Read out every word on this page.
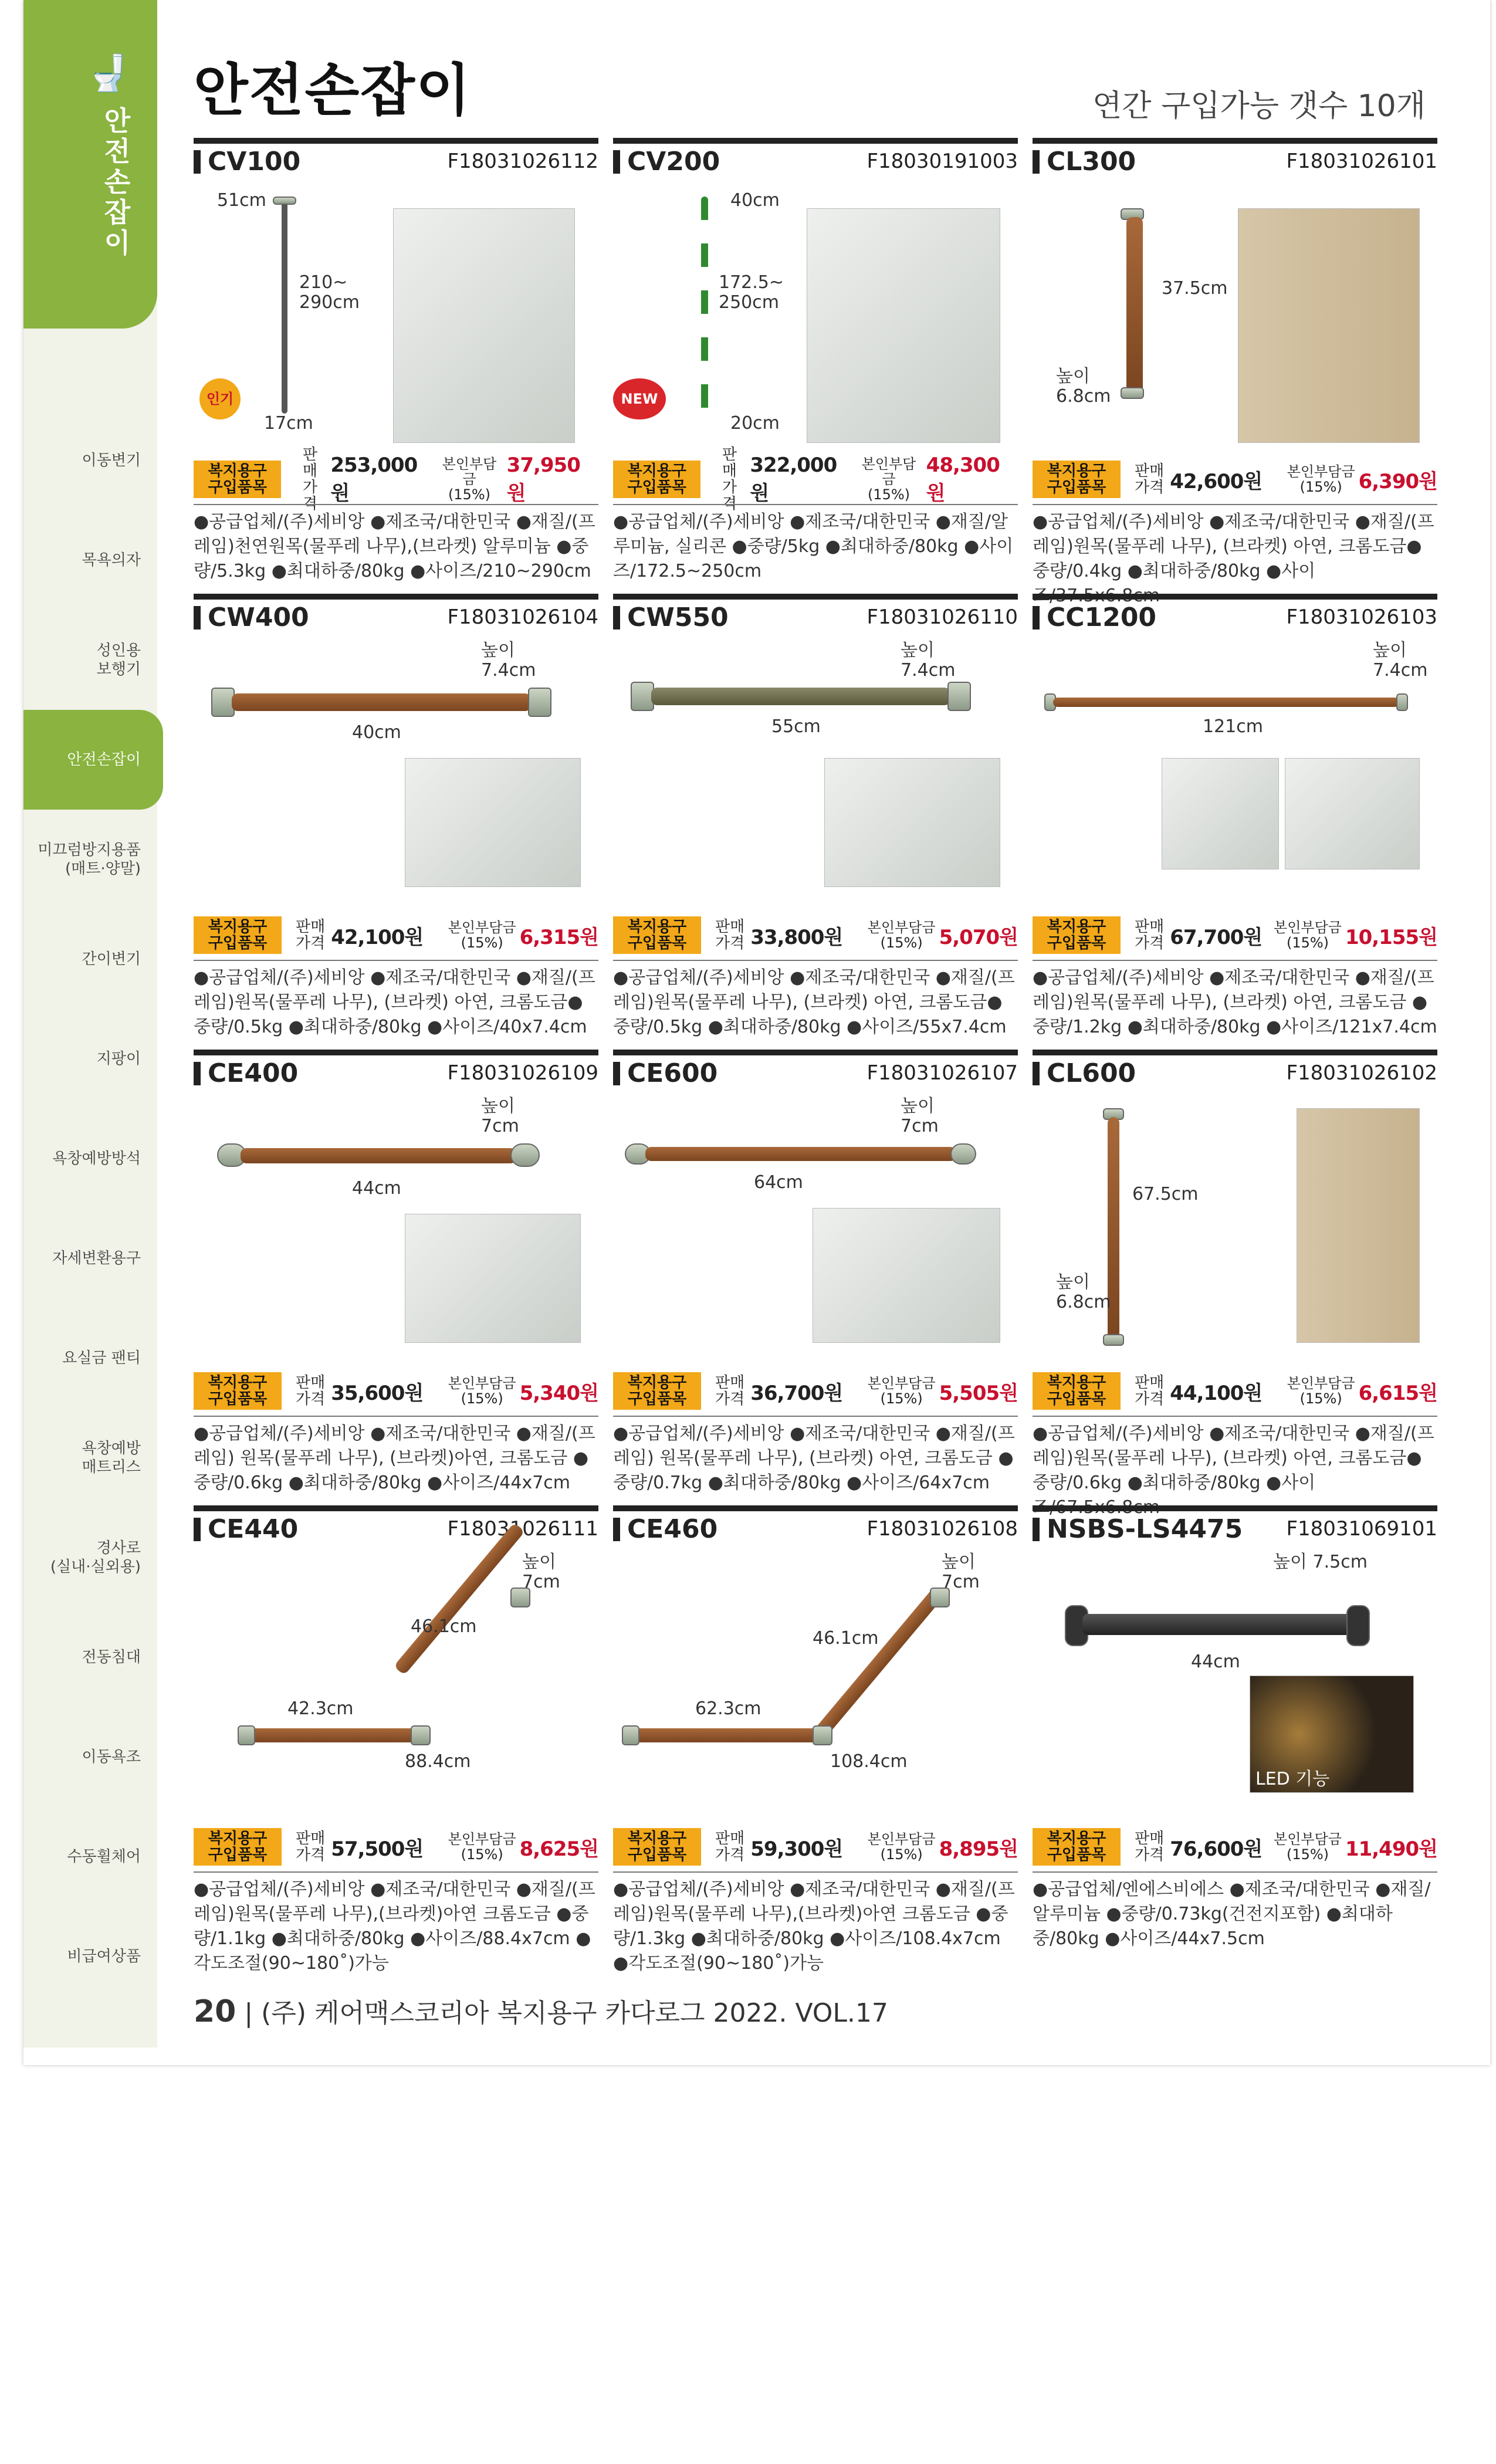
🚽
안전손잡이
이동변기
목욕의자
성인용
보행기
안전손잡이
미끄럼방지용품
(매트·양말)
간이변기
지팡이
욕창예방방석
자세변환용구
요실금 팬티
욕창예방
매트리스
경사로
(실내·실외용)
전동침대
이동욕조
수동휠체어
비급여상품
안전손잡이	연간 구입가능 갯수 10개
CV100	F18031026112
51cm
210~
290cm
17cm
인기
복지용구
구입품목
판매
가격
253,000원
본인부담금
(15%)
37,950원
●공급업체/(주)세비앙 ●제조국/대한민국 ●재질/(프레임)천연원목(물푸레 나무),(브라켓) 알루미늄 ●중량/5.3kg ●최대하중/80kg ●사이즈/210~290cm
CV200	F18030191003
40cm
172.5~
250cm
20cm
NEW
복지용구
구입품목
판매
가격
322,000원
본인부담금
(15%)
48,300원
●공급업체/(주)세비앙 ●제조국/대한민국 ●재질/알루미늄, 실리콘 ●중량/5kg ●최대하중/80kg ●사이즈/172.5~250cm
CL300	F18031026101
37.5cm
높이
6.8cm
복지용구
구입품목
판매
가격 42,600원 본인부담금
(15%) 6,390원
●공급업체/(주)세비앙 ●제조국/대한민국 ●재질/(프레임)원목(물푸레 나무), (브라켓) 아연, 크롬도금●중량/0.4kg ●최대하중/80kg ●사이즈/37.5x6.8cm
CW400	F18031026104
높이
7.4cm
40cm
복지용구
구입품목
판매
가격 42,100원 본인부담금
(15%) 6,315원
●공급업체/(주)세비앙 ●제조국/대한민국 ●재질/(프레임)원목(물푸레 나무), (브라켓) 아연, 크롬도금●중량/0.5kg ●최대하중/80kg ●사이즈/40x7.4cm
CW550	F18031026110
높이
7.4cm
55cm
복지용구
구입품목
판매
가격 33,800원 본인부담금
(15%) 5,070원
●공급업체/(주)세비앙 ●제조국/대한민국 ●재질/(프레임)원목(물푸레 나무), (브라켓) 아연, 크롬도금●중량/0.5kg ●최대하중/80kg ●사이즈/55x7.4cm
CC1200	F18031026103
높이
7.4cm
121cm
복지용구
구입품목
판매
가격 67,700원 본인부담금
(15%) 10,155원
●공급업체/(주)세비앙 ●제조국/대한민국 ●재질/(프레임)원목(물푸레 나무), (브라켓) 아연, 크롬도금 ●중량/1.2kg ●최대하중/80kg ●사이즈/121x7.4cm
CE400	F18031026109
높이
7cm
44cm
복지용구
구입품목
판매
가격 35,600원 본인부담금
(15%) 5,340원
●공급업체/(주)세비앙 ●제조국/대한민국 ●재질/(프레임) 원목(물푸레 나무), (브라켓)아연, 크롬도금 ●중량/0.6kg ●최대하중/80kg ●사이즈/44x7cm
CE600	F18031026107
높이
7cm
64cm
복지용구
구입품목
판매
가격 36,700원 본인부담금
(15%) 5,505원
●공급업체/(주)세비앙 ●제조국/대한민국 ●재질/(프레임) 원목(물푸레 나무), (브라켓) 아연, 크롬도금 ●중량/0.7kg ●최대하중/80kg ●사이즈/64x7cm
CL600	F18031026102
67.5cm
높이
6.8cm
복지용구
구입품목
판매
가격 44,100원 본인부담금
(15%) 6,615원
●공급업체/(주)세비앙 ●제조국/대한민국 ●재질/(프레임)원목(물푸레 나무), (브라켓) 아연, 크롬도금●중량/0.6kg ●최대하중/80kg ●사이즈/67.5x6.8cm
CE440	F18031026111
높이
7cm
46.1cm
42.3cm
88.4cm
복지용구
구입품목
판매
가격 57,500원 본인부담금
(15%) 8,625원
●공급업체/(주)세비앙 ●제조국/대한민국 ●재질/(프레임)원목(물푸레 나무),(브라켓)아연 크롬도금 ●중량/1.1kg ●최대하중/80kg ●사이즈/88.4x7cm ●각도조절(90~180˚)가능
CE460	F18031026108
높이
7cm
46.1cm
62.3cm
108.4cm
복지용구
구입품목
판매
가격 59,300원 본인부담금
(15%) 8,895원
●공급업체/(주)세비앙 ●제조국/대한민국 ●재질/(프레임)원목(물푸레 나무),(브라켓)아연 크롬도금 ●중량/1.3kg ●최대하중/80kg ●사이즈/108.4x7cm ●각도조절(90~180˚)가능
NSBS-LS4475 F18031069101
높이 7.5cm
44cm
LED 기능
복지용구
구입품목
판매
가격 76,600원 본인부담금
(15%) 11,490원
●공급업체/엔에스비에스 ●제조국/대한민국 ●재질/알루미늄 ●중량/0.73kg(건전지포함) ●최대하중/80kg ●사이즈/44x7.5cm
20 | (주) 케어맥스코리아 복지용구 카다로그 2022. VOL.17
